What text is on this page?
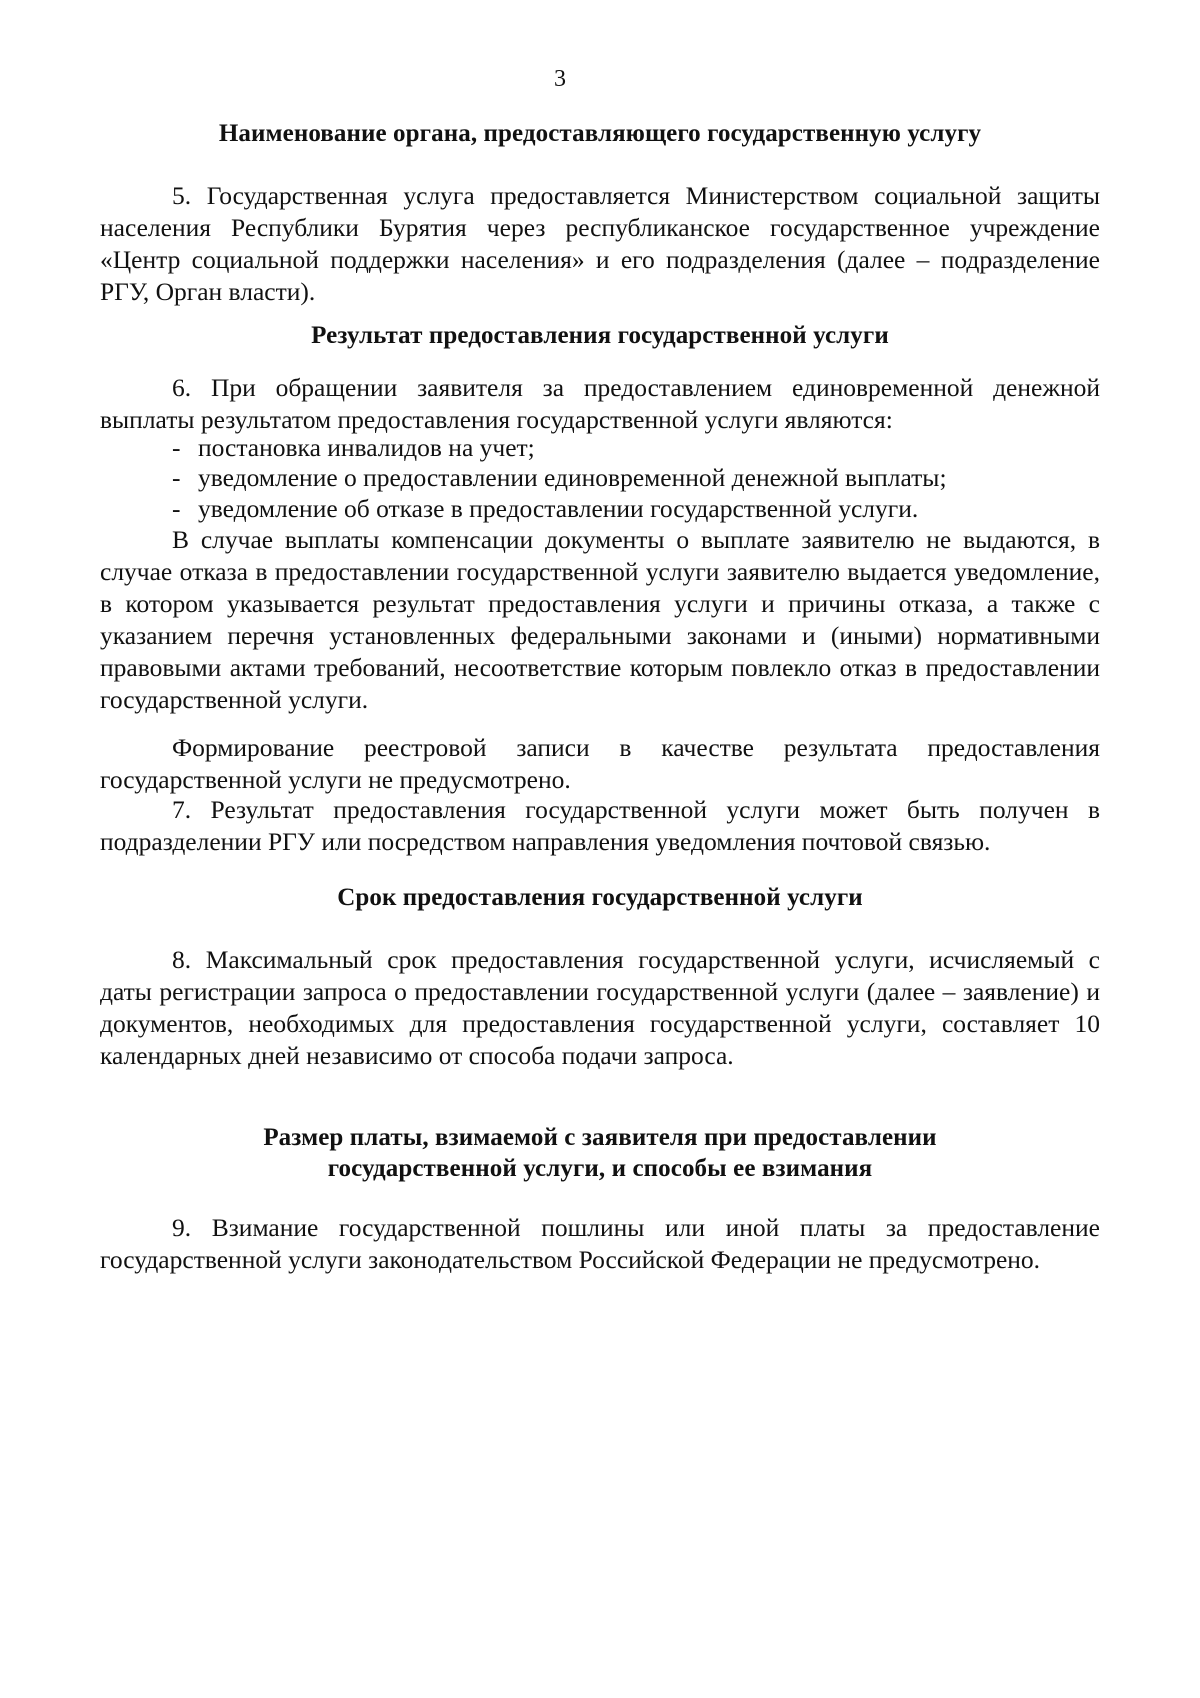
3
Наименование органа, предоставляющего государственную услугу
5. Государственная услуга предоставляется Министерством социальной защиты населения Республики Бурятия через республиканское государственное учреждение «Центр социальной поддержки населения» и его подразделения (далее – подразделение РГУ, Орган власти).
Результат предоставления государственной услуги
6. При обращении заявителя за предоставлением единовременной денежной выплаты результатом предоставления государственной услуги являются:
- постановка инвалидов на учет;
- уведомление о предоставлении единовременной денежной выплаты;
- уведомление об отказе в предоставлении государственной услуги.
В случае выплаты компенсации документы о выплате заявителю не выдаются, в случае отказа в предоставлении государственной услуги заявителю выдается уведомление, в котором указывается результат предоставления услуги и причины отказа, а также с указанием перечня установленных федеральными законами и (иными) нормативными правовыми актами требований, несоответствие которым повлекло отказ в предоставлении государственной услуги.
Формирование реестровой записи в качестве результата предоставления государственной услуги не предусмотрено.
7. Результат предоставления государственной услуги может быть получен в подразделении РГУ или посредством направления уведомления почтовой связью.
Срок предоставления государственной услуги
8. Максимальный срок предоставления государственной услуги, исчисляемый с даты регистрации запроса о предоставлении государственной услуги (далее – заявление) и документов, необходимых для предоставления государственной услуги, составляет 10 календарных дней независимо от способа подачи запроса.
Размер платы, взимаемой с заявителя при предоставлении
государственной услуги, и способы ее взимания
9. Взимание государственной пошлины или иной платы за предоставление государственной услуги законодательством Российской Федерации не предусмотрено.
